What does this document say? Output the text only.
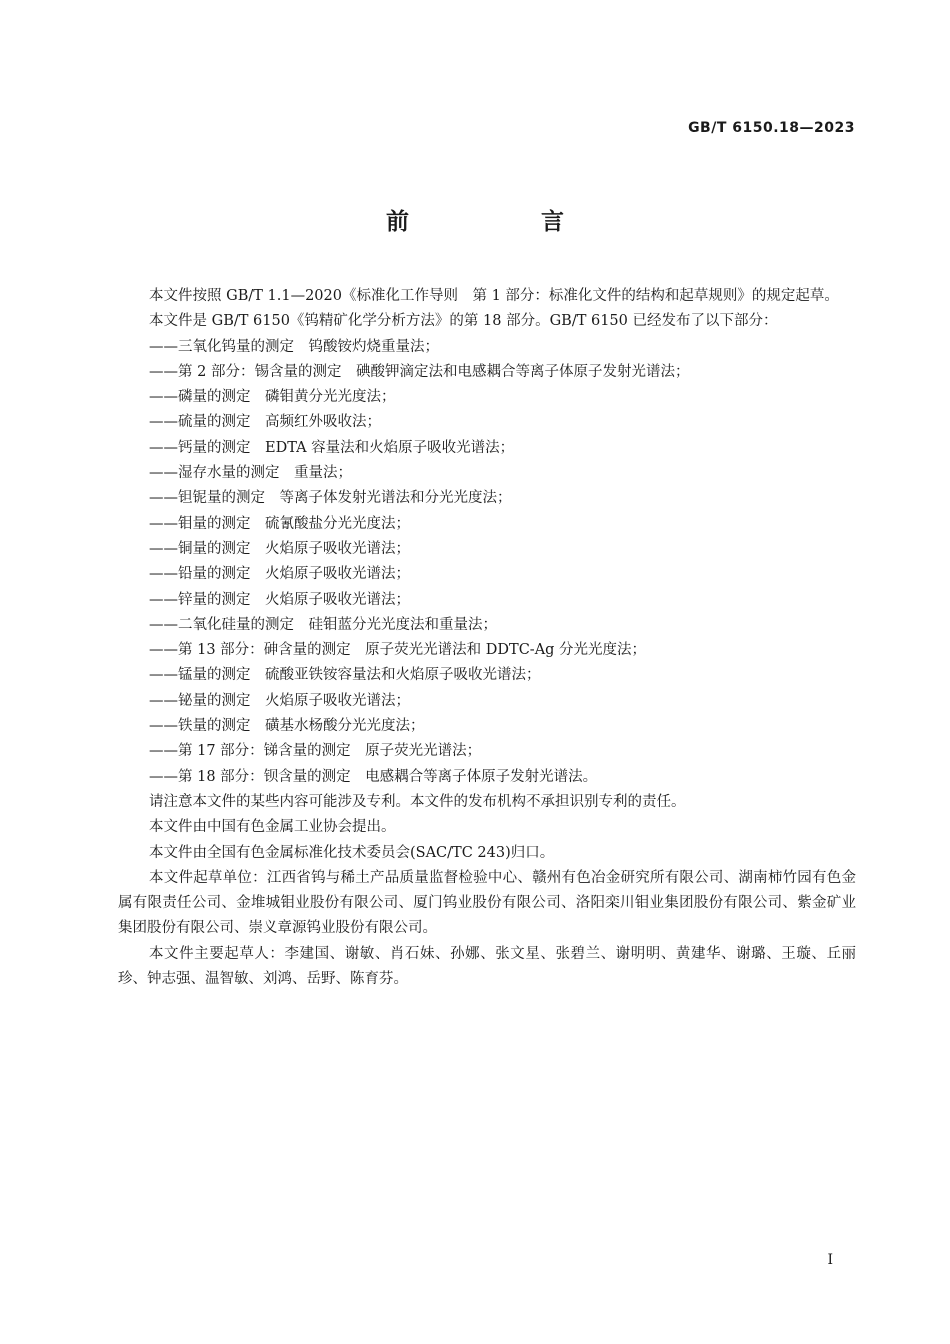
GB/T 6150.18—2023
前 言

本文件按照 GB/T 1.1—2020《标准化工作导则　第 1 部分：标准化文件的结构和起草规则》的规定起草。

本文件是 GB/T 6150《钨精矿化学分析方法》的第 18 部分。GB/T 6150 已经发布了以下部分：

——三氧化钨量的测定　钨酸铵灼烧重量法；

——第 2 部分：锡含量的测定　碘酸钾滴定法和电感耦合等离子体原子发射光谱法；

——磷量的测定　磷钼黄分光光度法；

——硫量的测定　高频红外吸收法；

——钙量的测定　EDTA 容量法和火焰原子吸收光谱法；

——湿存水量的测定　重量法；

——钽铌量的测定　等离子体发射光谱法和分光光度法；

——钼量的测定　硫氰酸盐分光光度法；

——铜量的测定　火焰原子吸收光谱法；

——铅量的测定　火焰原子吸收光谱法；

——锌量的测定　火焰原子吸收光谱法；

——二氧化硅量的测定　硅钼蓝分光光度法和重量法；

——第 13 部分：砷含量的测定　原子荧光光谱法和 DDTC-Ag 分光光度法；

——锰量的测定　硫酸亚铁铵容量法和火焰原子吸收光谱法；

——铋量的测定　火焰原子吸收光谱法；

——铁量的测定　磺基水杨酸分光光度法；

——第 17 部分：锑含量的测定　原子荧光光谱法；

——第 18 部分：钡含量的测定　电感耦合等离子体原子发射光谱法。

请注意本文件的某些内容可能涉及专利。本文件的发布机构不承担识别专利的责任。

本文件由中国有色金属工业协会提出。

本文件由全国有色金属标准化技术委员会(SAC/TC 243)归口。

本文件起草单位：江西省钨与稀土产品质量监督检验中心、赣州有色冶金研究所有限公司、湖南柿竹园有色金属有限责任公司、金堆城钼业股份有限公司、厦门钨业股份有限公司、洛阳栾川钼业集团股份有限公司、紫金矿业集团股份有限公司、崇义章源钨业股份有限公司。

本文件主要起草人：李建国、谢敏、肖石妹、孙娜、张文星、张碧兰、谢明明、黄建华、谢璐、王璇、丘丽珍、钟志强、温智敏、刘鸿、岳野、陈育芬。

I
